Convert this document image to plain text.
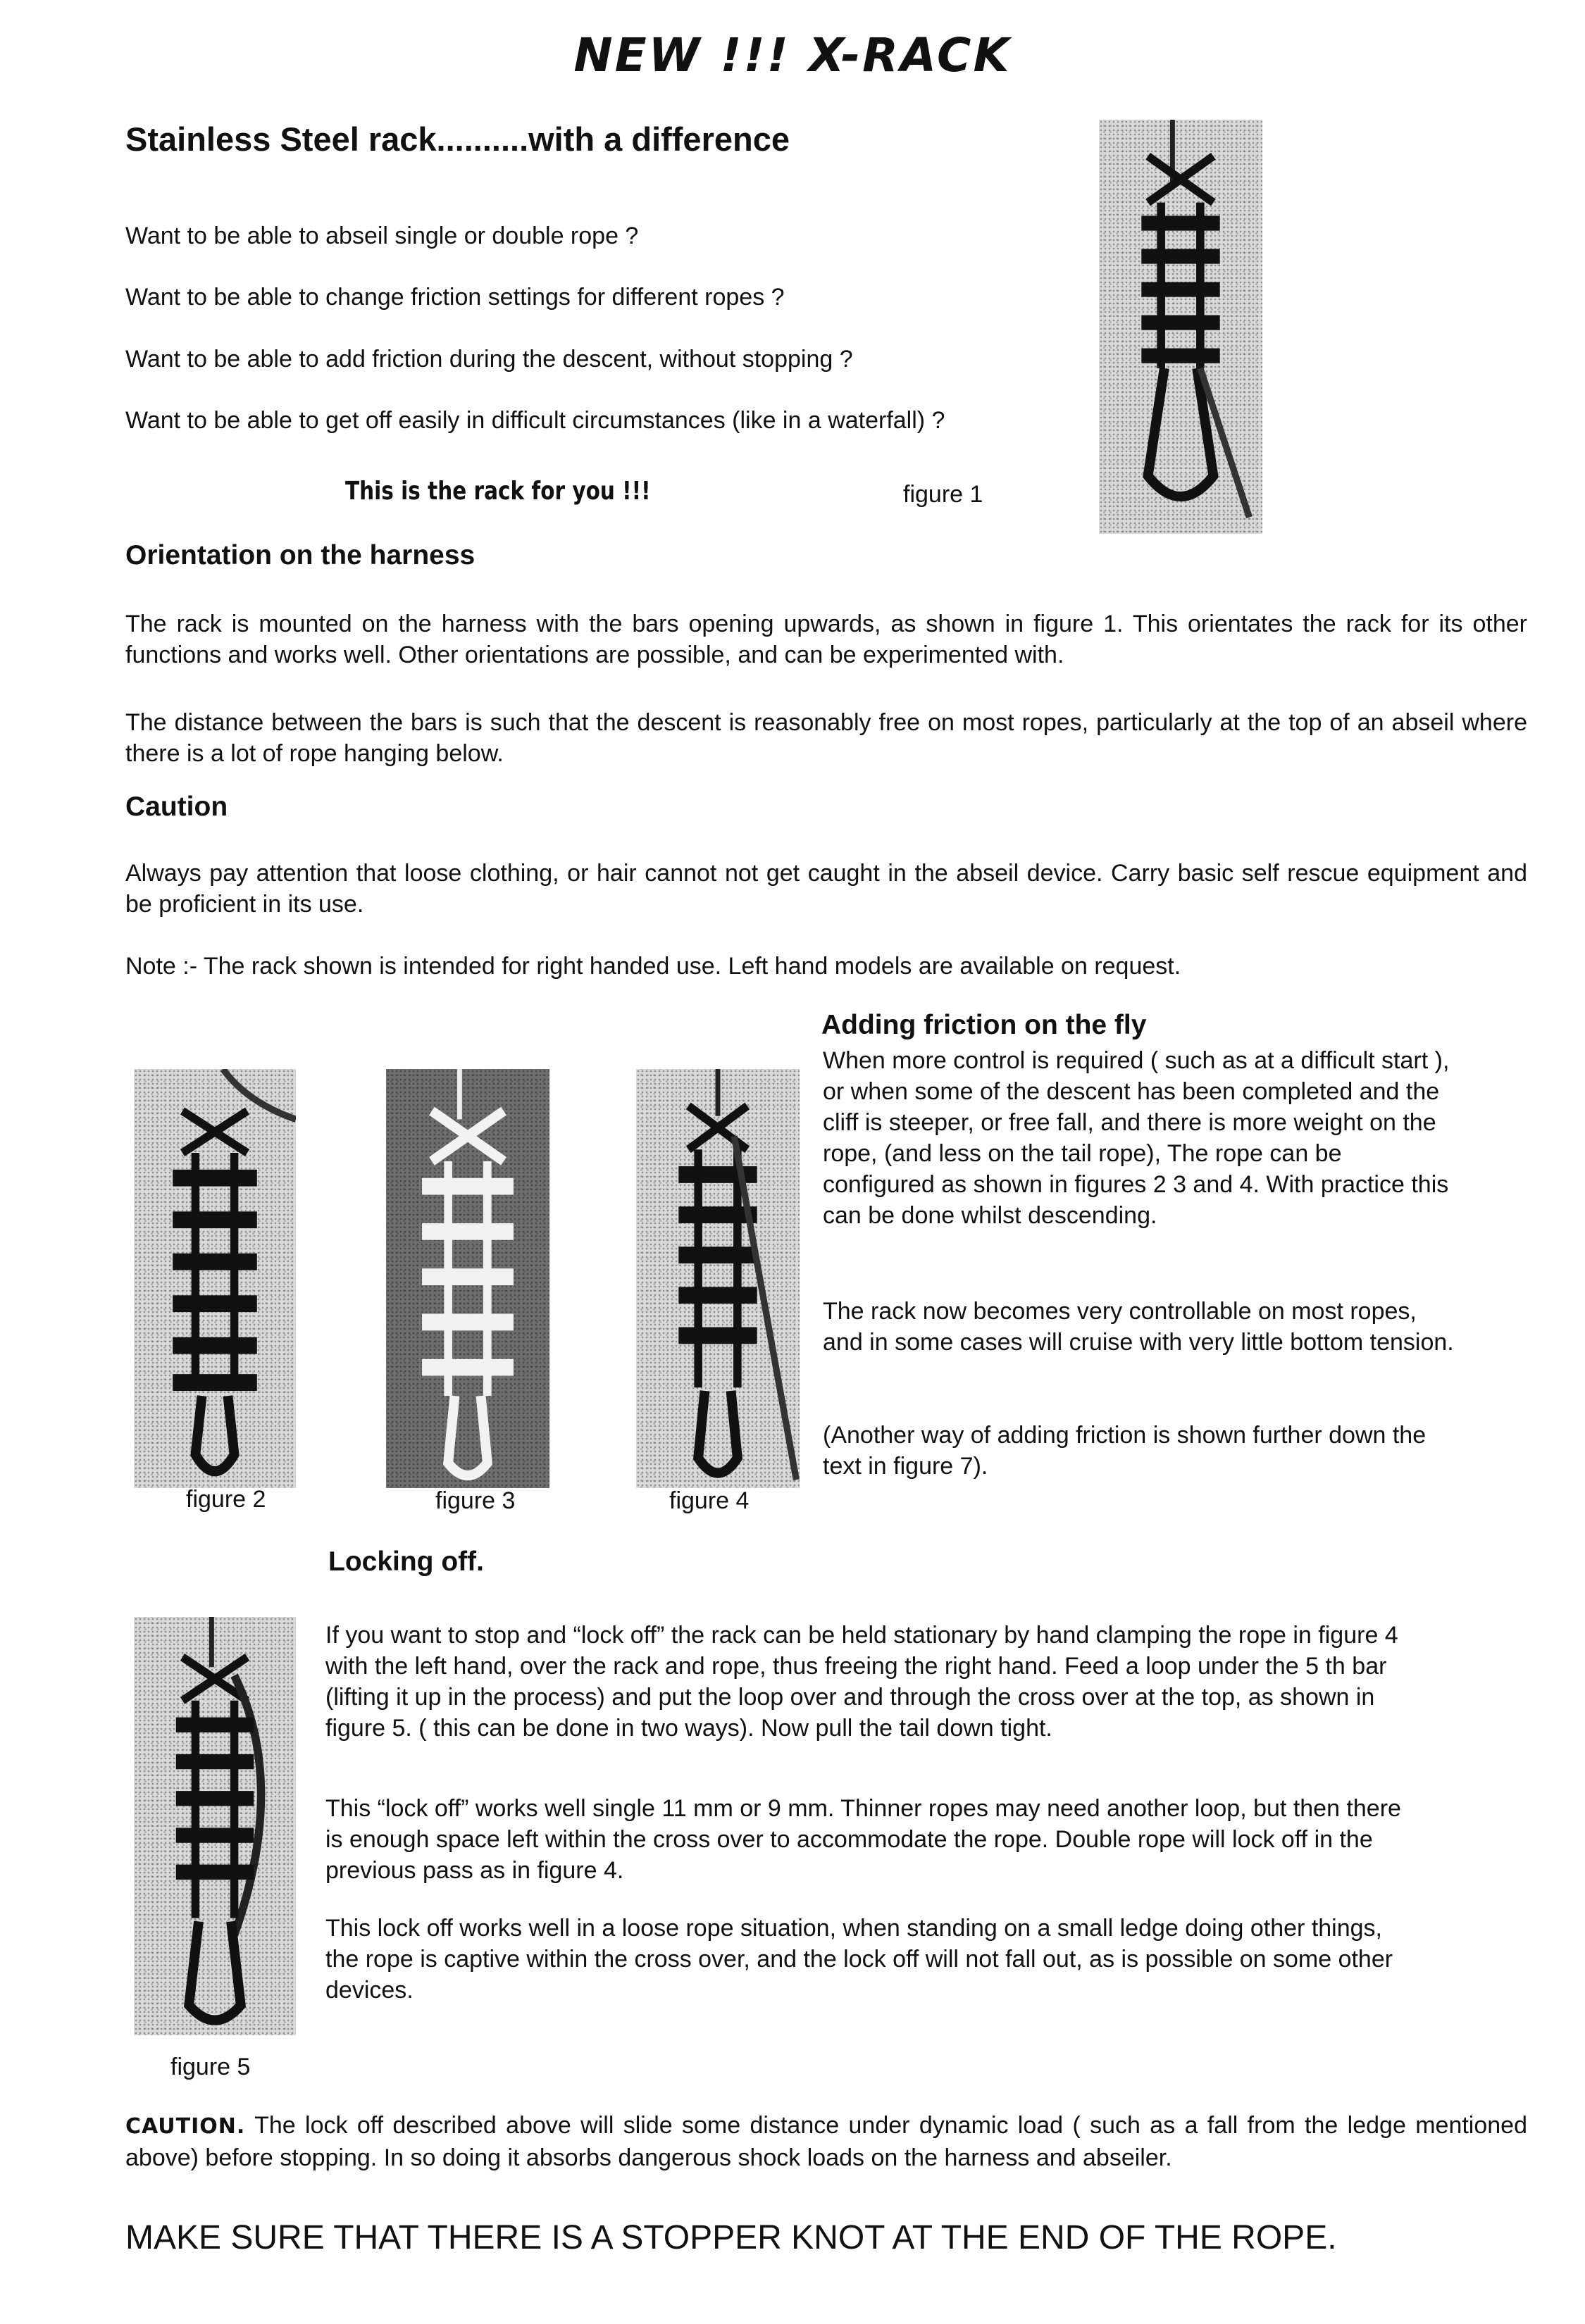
NEW !!! X-RACK
Stainless Steel rack..........with a difference
Want to be able to abseil single or double rope ?
Want to be able to change friction settings for different ropes ?
Want to be able to add friction during the descent, without stopping ?
Want to be able to get off easily in difficult circumstances (like in a waterfall) ?
This is the rack for you !!!	figure 1
Orientation on the harness
The rack is mounted on the harness with the bars opening upwards, as shown in figure 1. This orientates the rack for its other functions and works well. Other orientations are possible, and can be experimented with.
The distance between the bars is such that the descent is reasonably free on most ropes, particularly at the top of an abseil where there is a lot of rope hanging below.
Caution
Always pay attention that loose clothing, or hair cannot not get caught in the abseil device. Carry basic self rescue equipment and be proficient in its use.
Note :- The rack shown is intended for right handed use. Left hand models are available on request.
figure 2	figure 3	figure 4
Adding friction on the fly
When more control is required ( such as at a difficult start ), or when some of the descent has been completed and the cliff is steeper, or free fall, and there is more weight on the rope, (and less on the tail rope), The rope can be configured as shown in figures 2 3 and 4. With practice this can be done whilst descending.
The rack now becomes very controllable on most ropes, and in some cases will cruise with very little bottom tension.
(Another way of adding friction is shown further down the text in figure 7).
Locking off.
figure 5
If you want to stop and “lock off” the rack can be held stationary by hand clamping the rope in figure 4 with the left hand, over the rack and rope, thus freeing the right hand. Feed a loop under the 5 th bar (lifting it up in the process) and put the loop over and through the cross over at the top, as shown in figure 5. ( this can be done in two ways). Now pull the tail down tight.
This “lock off” works well single 11 mm or 9 mm. Thinner ropes may need another loop, but then there is enough space left within the cross over to accommodate the rope. Double rope will lock off in the previous pass as in figure 4.
This lock off works well in a loose rope situation, when standing on a small ledge doing other things, the rope is captive within the cross over, and the lock off will not fall out, as is possible on some other devices.
CAUTION. The lock off described above will slide some distance under dynamic load ( such as a fall from the ledge mentioned above) before stopping. In so doing it absorbs dangerous shock loads on the harness and abseiler.
MAKE SURE THAT THERE IS A STOPPER KNOT AT THE END OF THE ROPE.
